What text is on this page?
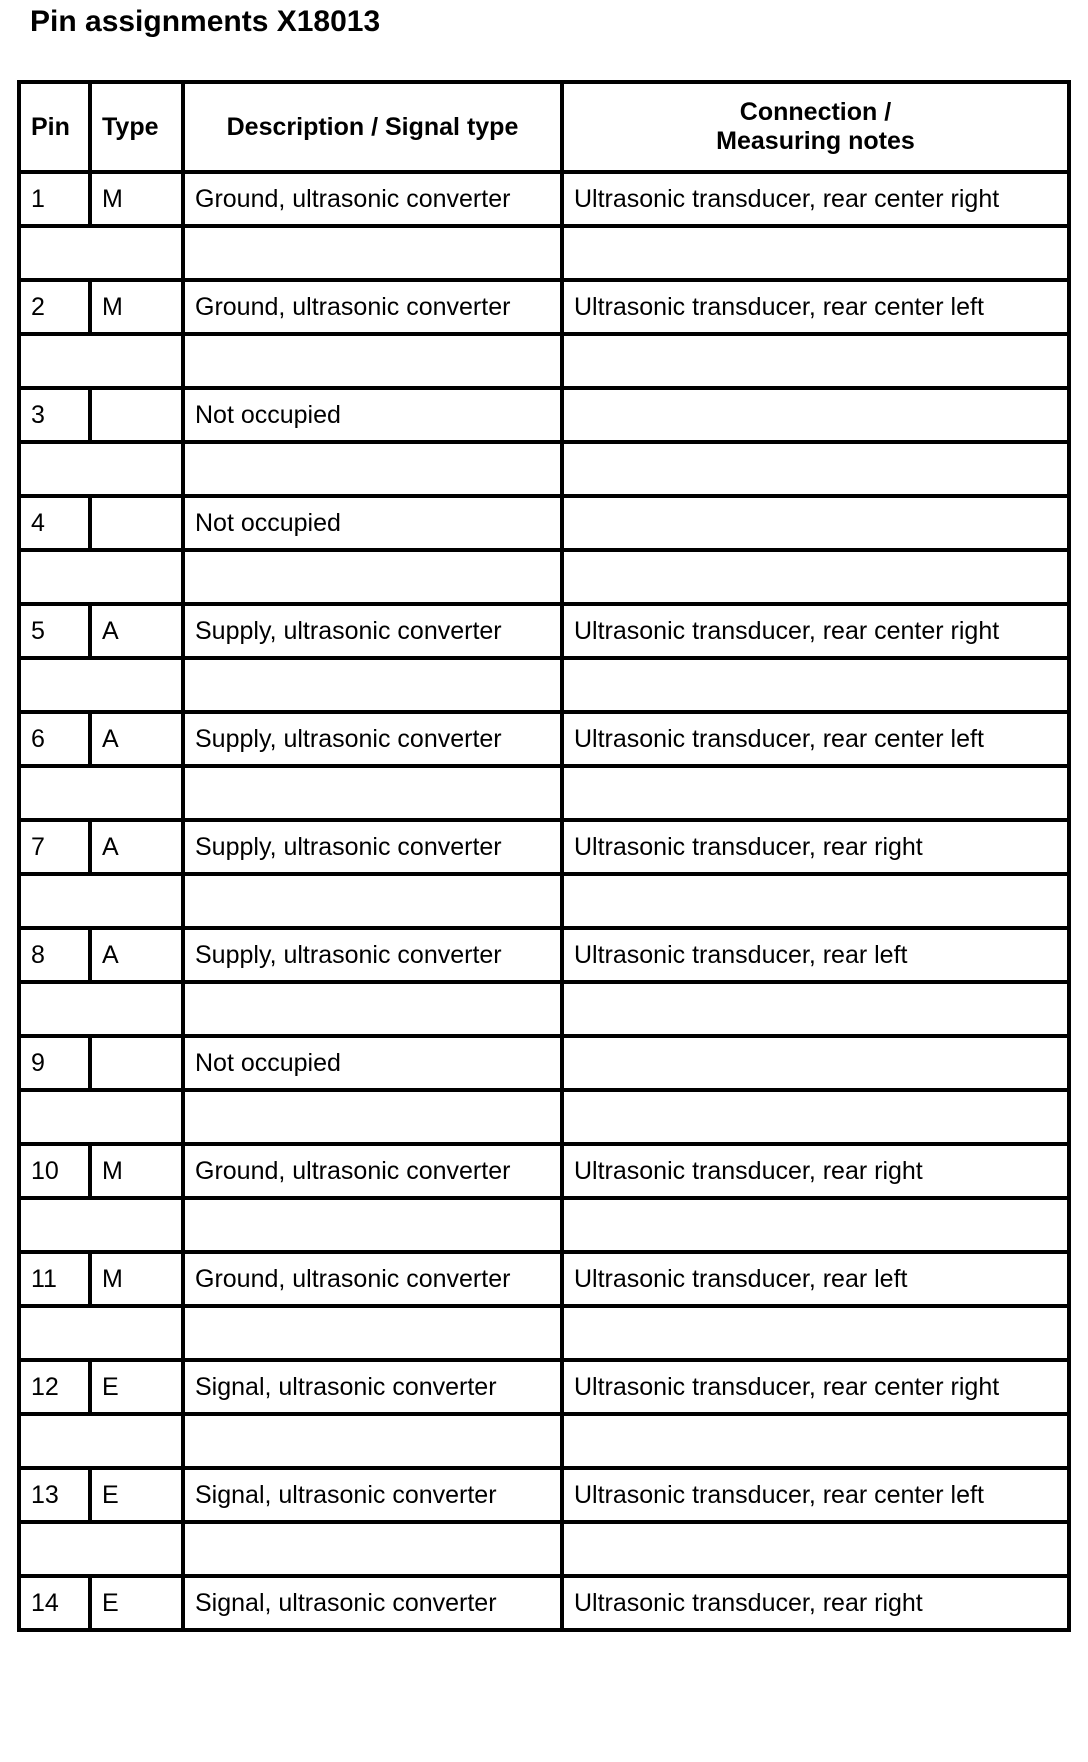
Pin assignments X18013
Pin	Type	Description / Signal type	Connection /
Measuring notes
1	M	Ground, ultrasonic converter	Ultrasonic transducer, rear center right

2	M	Ground, ultrasonic converter	Ultrasonic transducer, rear center left

3		Not occupied	

4		Not occupied	

5	A	Supply, ultrasonic converter	Ultrasonic transducer, rear center right

6	A	Supply, ultrasonic converter	Ultrasonic transducer, rear center left

7	A	Supply, ultrasonic converter	Ultrasonic transducer, rear right

8	A	Supply, ultrasonic converter	Ultrasonic transducer, rear left

9		Not occupied	

10	M	Ground, ultrasonic converter	Ultrasonic transducer, rear right

11	M	Ground, ultrasonic converter	Ultrasonic transducer, rear left

12	E	Signal, ultrasonic converter	Ultrasonic transducer, rear center right

13	E	Signal, ultrasonic converter	Ultrasonic transducer, rear center left

14	E	Signal, ultrasonic converter	Ultrasonic transducer, rear right
